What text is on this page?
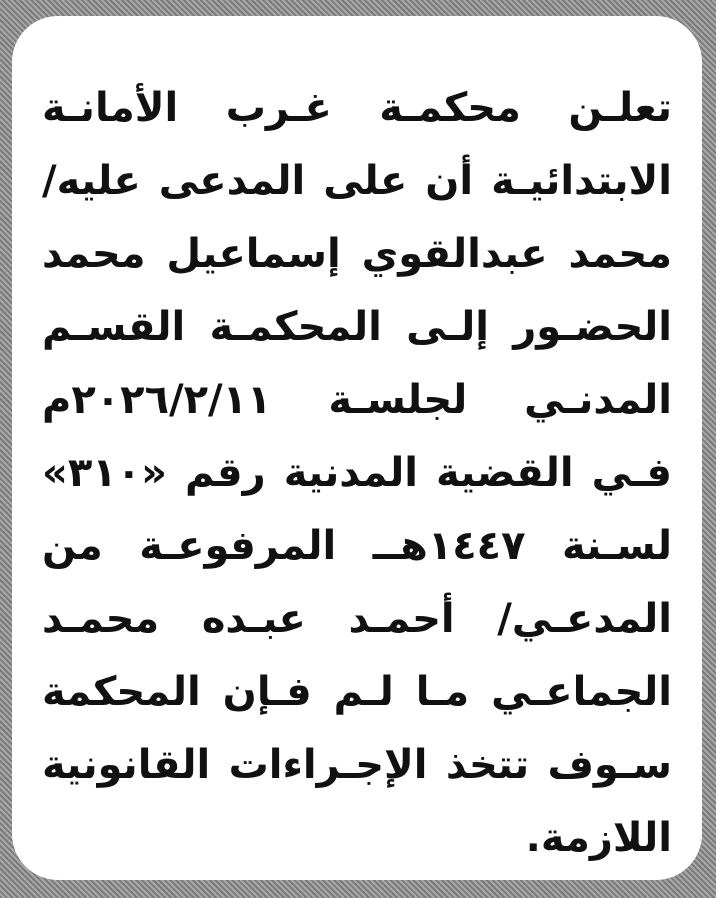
تعلـن محكمـة غـرب الأمانـة
الابتدائيـة أن على المدعى عليه/
محمد عبدالقوي إسماعيل محمد
الحضـور إلـى المحكمـة القسـم
المدنـي لجلسـة ٢٠٢٦/٢/١١م
فـي القضية المدنية رقم «٣١٠»
لسـنة ١٤٤٧هــ المرفوعـة من
المدعـي/ أحمـد عبـده محمـد
الجماعـي مـا لـم فـإن المحكمة
سـوف تتخذ الإجـراءات القانونية
اللازمة.
